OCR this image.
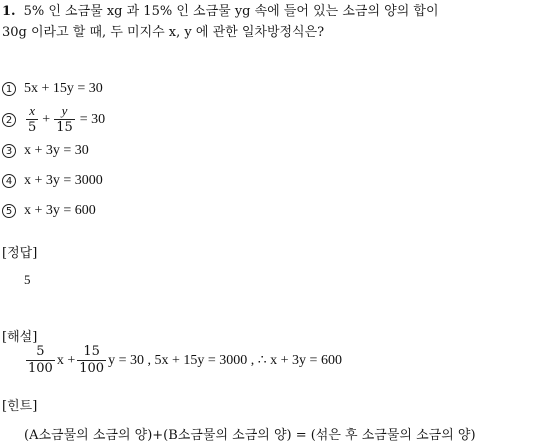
1. 5% 인 소금물 xg 과 15% 인 소금물 yg 속에 들어 있는 소금의 양의 합이
30g 이라고 할 때, 두 미지수 x, y 에 관한 일차방정식은?
1 5x + 15y = 30
$2 \frac{x}{5} + \frac{y}{15} = 30$
3 x + 3y = 30
4 x + 3y = 3000
5 x + 3y = 600
[정답]
5
[해설]
$\frac{5}{100}$ $x + \frac{15}{100}$ y = 30 , 5x + 15y = 3000 , ∴ x + 3y = 600
[힌트]
(A소금물의 소금의 양)+(B소금물의 소금의 양) = (섞은 후 소금물의 소금의 양)
